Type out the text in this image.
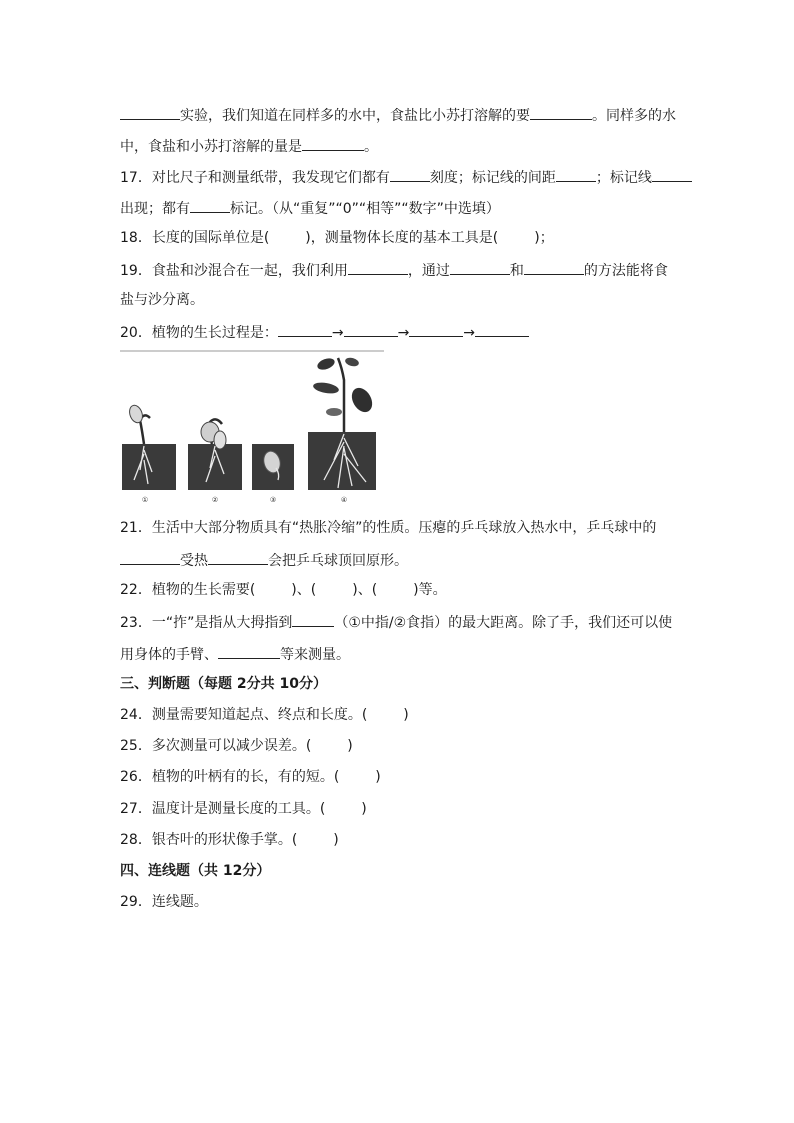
实验，我们知道在同样多的水中，食盐比小苏打溶解的要	。同样多的水
中，食盐和小苏打溶解的量是	。
17．对比尺子和测量纸带，我发现它们都有	刻度；标记线的间距	；标记线
出现；都有	标记。（从“重复”“0”“相等”“数字”中选填）
18．长度的国际单位是(	)，测量物体长度的基本工具是(	)；
19．食盐和沙混合在一起，我们利用	，通过	和	的方法能将食
盐与沙分离。
20．植物的生长过程是：	→	→	→
①	②	③	④
21．生活中大部分物质具有“热胀冷缩”的性质。压瘪的乒乓球放入热水中，乒乓球中的
受热	会把乒乓球顶回原形。
22．植物的生长需要(	)、(	)、(	)等。
23．一“拃”是指从大拇指到	（①中指/②食指）的最大距离。除了手，我们还可以使
用身体的手臂、	等来测量。
三、判断题（每题 2分共 10分）
24．测量需要知道起点、终点和长度。(	)
25．多次测量可以减少误差。(	)
26．植物的叶柄有的长，有的短。(	)
27．温度计是测量长度的工具。(	)
28．银杏叶的形状像手掌。(	)
四、连线题（共 12分）
29．连线题。
